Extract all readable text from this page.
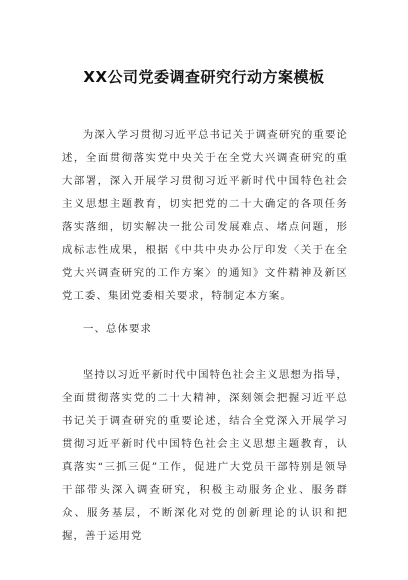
XX公司党委调查研究行动方案模板

为深入学习贯彻习近平总书记关于调查研究的重要论述，全面贯彻落实党中央关于在全党大兴调查研究的重大部署，深入开展学习贯彻习近平新时代中国特色社会主义思想主题教育，切实把党的二十大确定的各项任务落实落细，切实解决一批公司发展难点、堵点问题，形成标志性成果，根据《中共中央办公厅印发〈关于在全党大兴调查研究的工作方案〉的通知》文件精神及新区党工委、集团党委相关要求，特制定本方案。

一、总体要求

坚持以习近平新时代中国特色社会主义思想为指导，全面贯彻落实党的二十大精神，深刻领会把握习近平总书记关于调查研究的重要论述，结合全党深入开展学习贯彻习近平新时代中国特色社会主义思想主题教育，认真落实“三抓三促”工作，促进广大党员干部特别是领导干部带头深入调查研究，积极主动服务企业、服务群众、服务基层，不断深化对党的创新理论的认识和把握，善于运用党
